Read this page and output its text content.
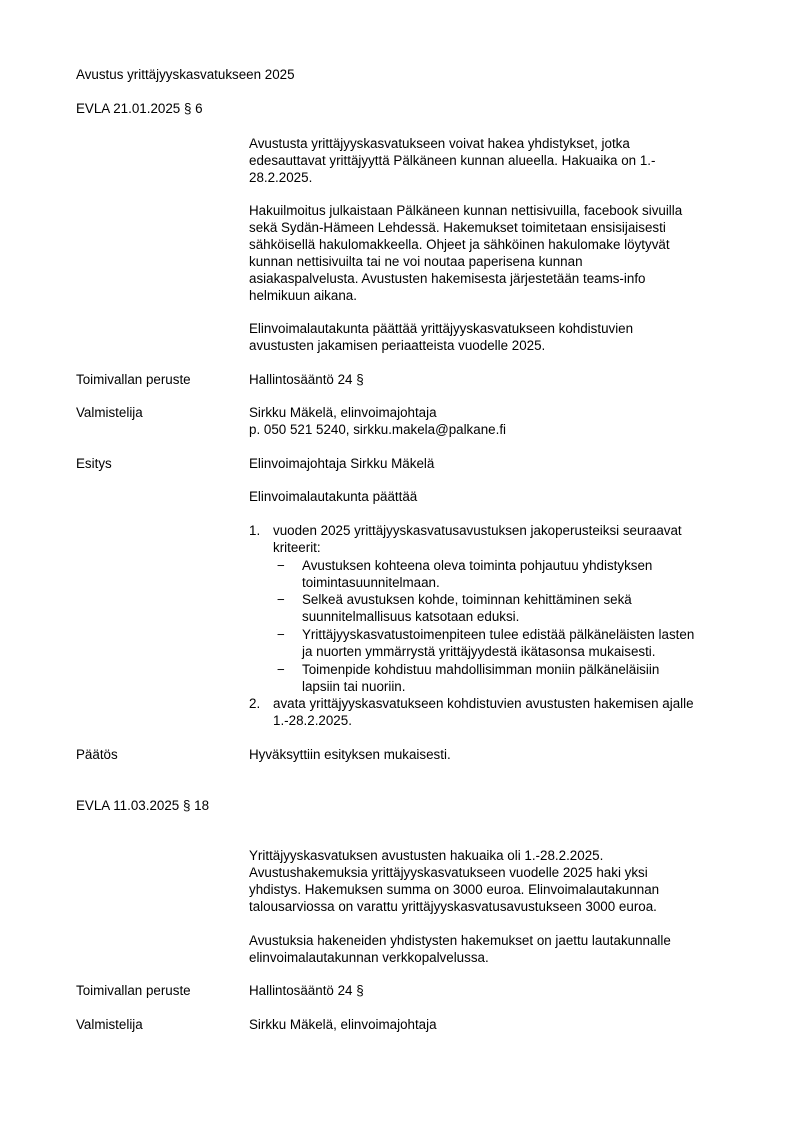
Avustus yrittäjyyskasvatukseen 2025
EVLA 21.01.2025 § 6
Avustusta yrittäjyyskasvatukseen voivat hakea yhdistykset, jotka
edesauttavat yrittäjyyttä Pälkäneen kunnan alueella. Hakuaika on 1.-
28.2.2025.
Hakuilmoitus julkaistaan Pälkäneen kunnan nettisivuilla, facebook sivuilla
sekä Sydän-Hämeen Lehdessä. Hakemukset toimitetaan ensisijaisesti
sähköisellä hakulomakkeella. Ohjeet ja sähköinen hakulomake löytyvät
kunnan nettisivuilta tai ne voi noutaa paperisena kunnan
asiakaspalvelusta. Avustusten hakemisesta järjestetään teams-info
helmikuun aikana.
Elinvoimalautakunta päättää yrittäjyyskasvatukseen kohdistuvien
avustusten jakamisen periaatteista vuodelle 2025.
Toimivallan peruste	Hallintosääntö 24 §
Valmistelija	Sirkku Mäkelä, elinvoimajohtaja
p. 050 521 5240, sirkku.makela@palkane.fi
Esitys	Elinvoimajohtaja Sirkku Mäkelä
Elinvoimalautakunta päättää
1. vuoden 2025 yrittäjyyskasvatusavustuksen jakoperusteiksi seuraavat
kriteerit:
− Avustuksen kohteena oleva toiminta pohjautuu yhdistyksen
toimintasuunnitelmaan.
− Selkeä avustuksen kohde, toiminnan kehittäminen sekä
suunnitelmallisuus katsotaan eduksi.
− Yrittäjyyskasvatustoimenpiteen tulee edistää pälkäneläisten lasten
ja nuorten ymmärrystä yrittäjyydestä ikätasonsa mukaisesti.
− Toimenpide kohdistuu mahdollisimman moniin pälkäneläisiin
lapsiin tai nuoriin.
2. avata yrittäjyyskasvatukseen kohdistuvien avustusten hakemisen ajalle
1.-28.2.2025.
Päätös	Hyväksyttiin esityksen mukaisesti.
EVLA 11.03.2025 § 18
Yrittäjyyskasvatuksen avustusten hakuaika oli 1.-28.2.2025.
Avustushakemuksia yrittäjyyskasvatukseen vuodelle 2025 haki yksi
yhdistys. Hakemuksen summa on 3000 euroa. Elinvoimalautakunnan
talousarviossa on varattu yrittäjyyskasvatusavustukseen 3000 euroa.
Avustuksia hakeneiden yhdistysten hakemukset on jaettu lautakunnalle
elinvoimalautakunnan verkkopalvelussa.
Toimivallan peruste	Hallintosääntö 24 §
Valmistelija	Sirkku Mäkelä, elinvoimajohtaja
